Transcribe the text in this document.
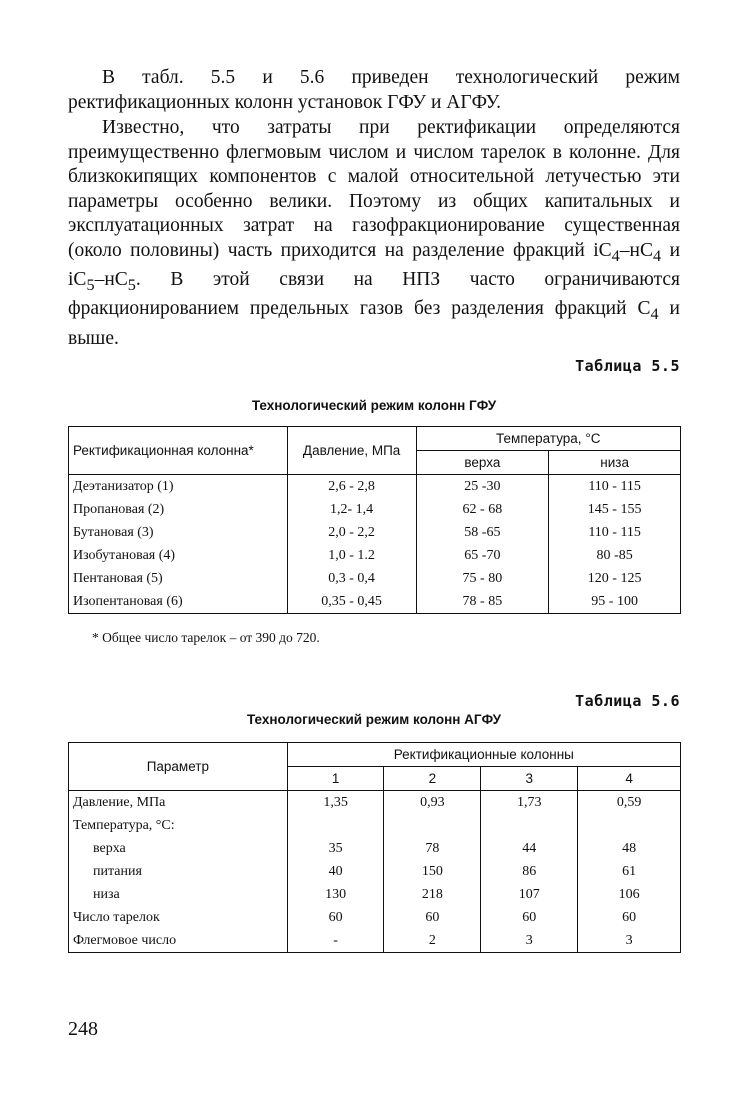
В табл. 5.5 и 5.6 приведен технологический режим ректификационных колонн установок ГФУ и АГФУ.

Известно, что затраты при ректификации определяются преимущественно флегмовым числом и числом тарелок в колонне. Для близкокипящих компонентов с малой относительной летучестью эти параметры особенно велики. Поэтому из общих капитальных и эксплуатационных затрат на газофракционирование существенная (около половины) часть приходится на разделение фракций $iC_4-нC_4$ и $iC_5-нC_5$. В этой связи на НПЗ часто ограничиваются фракционированием предельных газов без разделения фракций $C_4$ и выше.

Таблица 5.5
Технологический режим колонн ГФУ
Ректификационная колонна*	Давление, МПа	Температура, °С	
		верха	низа
Деэтанизатор (1)	2,6 - 2,8	25 -30	110 - 115
Пропановая (2)	1,2- 1,4	62 - 68	145 - 155
Бутановая (3)	2,0 - 2,2	58 -65	110 - 115
Изобутановая (4)	1,0 - 1.2	65 -70	80 -85
Пентановая (5)	0,3 - 0,4	75 - 80	120 - 125
Изопентановая (6)	0,35 - 0,45	78 - 85	95 - 100
* Общее число тарелок – от 390 до 720.
Таблица 5.6
Технологический режим колонн АГФУ
Параметр	Ректификационные колонны			
	1	2	3	4
Давление, МПа	1,35	0,93	1,73	0,59
Температура, °С:				
верха	35	78	44	48
питания	40	150	86	61
низа	130	218	107	106
Число тарелок	60	60	60	60
Флегмовое число	-	2	3	3
248
